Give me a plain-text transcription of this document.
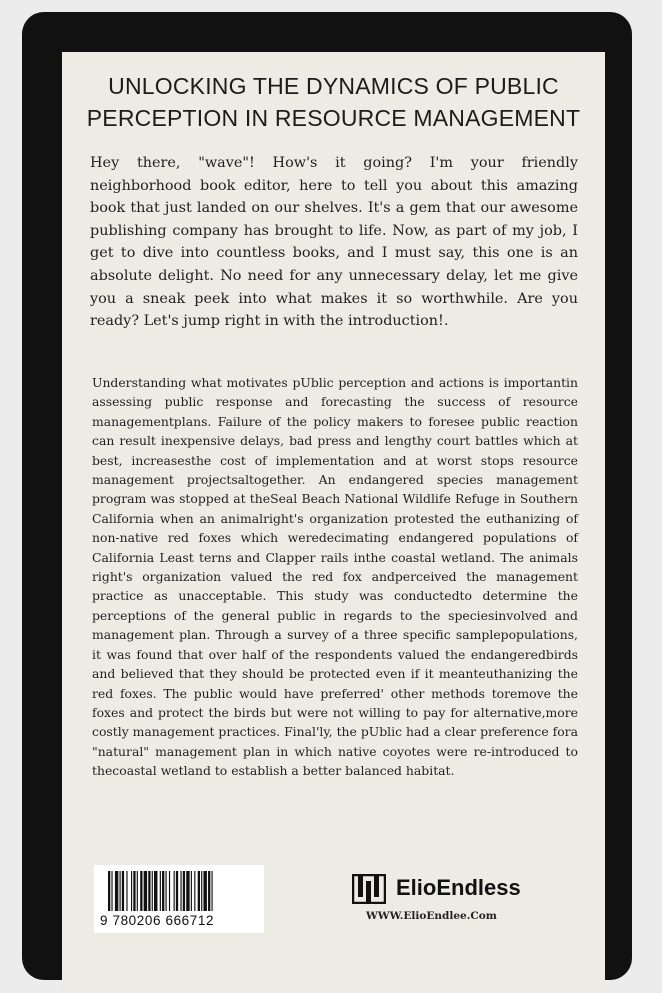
UNLOCKING THE DYNAMICS OF PUBLIC
PERCEPTION IN RESOURCE MANAGEMENT

Hey there, "wave"! How's it going? I'm your friendly neighborhood book editor, here to tell you about this amazing book that just landed on our shelves. It's a gem that our awesome publishing company has brought to life. Now, as part of my job, I get to dive into countless books, and I must say, this one is an absolute delight. No need for any unnecessary delay, let me give you a sneak peek into what makes it so worthwhile. Are you ready? Let's jump right in with the introduction!.

Understanding what motivates pUblic perception and actions is importantin assessing public response and forecasting the success of resource managementplans. Failure of the policy makers to foresee public reaction can result inexpensive delays, bad press and lengthy court battles which at best, increasesthe cost of implementation and at worst stops resource management projectsaltogether. An endangered species management program was stopped at theSeal Beach National Wildlife Refuge in Southern California when an animalright's organization protested the euthanizing of non-native red foxes which weredecimating endangered populations of California Least terns and Clapper rails inthe coastal wetland. The animals right's organization valued the red fox andperceived the management practice as unacceptable. This study was conductedto determine the perceptions of the general public in regards to the speciesinvolved and management plan. Through a survey of a three specific samplepopulations, it was found that over half of the respondents valued the endangeredbirds and believed that they should be protected even if it meanteuthanizing the red foxes. The public would have preferred' other methods toremove the foxes and protect the birds but were not willing to pay for alternative,more costly management practices. Final'ly, the pUblic had a clear preference fora "natural" management plan in which native coyotes were re-introduced to thecoastal wetland to establish a better balanced habitat.

9 780206 666712
ElioEndless
WWW.ElioEndlee.Com
